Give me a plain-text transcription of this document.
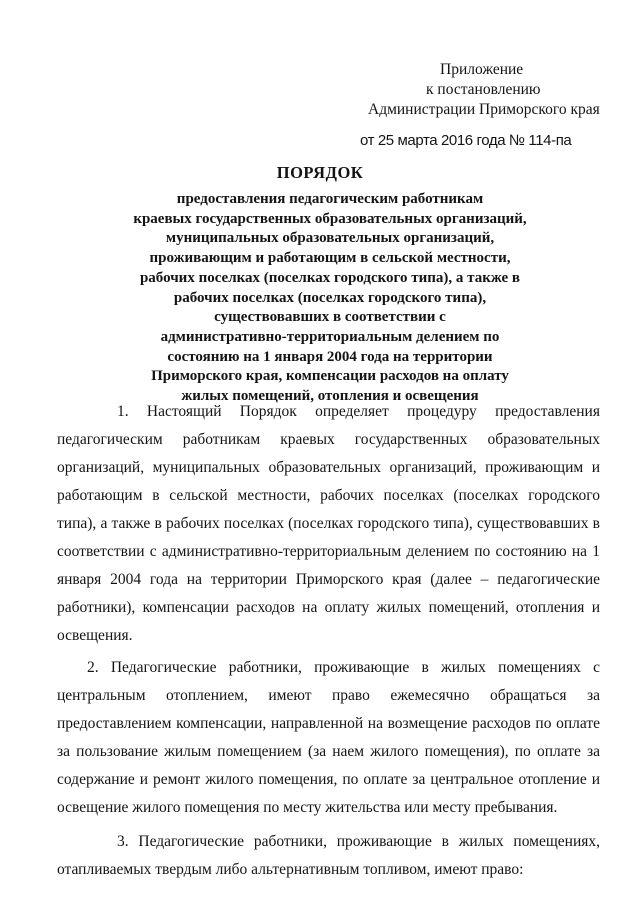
Приложение
к постановлению
Администрации Приморского края
от 25 марта 2016 года № 114-па
ПОРЯДОК
предоставления педагогическим работникам
краевых государственных образовательных организаций,
муниципальных образовательных организаций,
проживающим и работающим в сельской местности,
рабочих поселках (поселках городского типа), а также в
рабочих поселках (поселках городского типа),
существовавших в соответствии с
административно-территориальным делением по
состоянию на 1 января 2004 года на территории
Приморского края, компенсации расходов на оплату
жилых помещений, отопления и освещения

1. Настоящий Порядок определяет процедуру предоставления педагогическим работникам краевых государственных образовательных организаций, муниципальных образовательных организаций, проживающим и работающим в сельской местности, рабочих поселках (поселках городского типа), а также в рабочих поселках (поселках городского типа), существовавших в соответствии с административно-территориальным делением по состоянию на 1 января 2004 года на территории Приморского края (далее – педагогические работники), компенсации расходов на оплату жилых помещений, отопления и освещения.

2. Педагогические работники, проживающие в жилых помещениях с центральным отоплением, имеют право ежемесячно обращаться за предоставлением компенсации, направленной на возмещение расходов по оплате за пользование жилым помещением (за наем жилого помещения), по оплате за содержание и ремонт жилого помещения, по оплате за центральное отопление и освещение жилого помещения по месту жительства или месту пребывания.

3. Педагогические работники, проживающие в жилых помещениях, отапливаемых твердым либо альтернативным топливом, имеют право:
